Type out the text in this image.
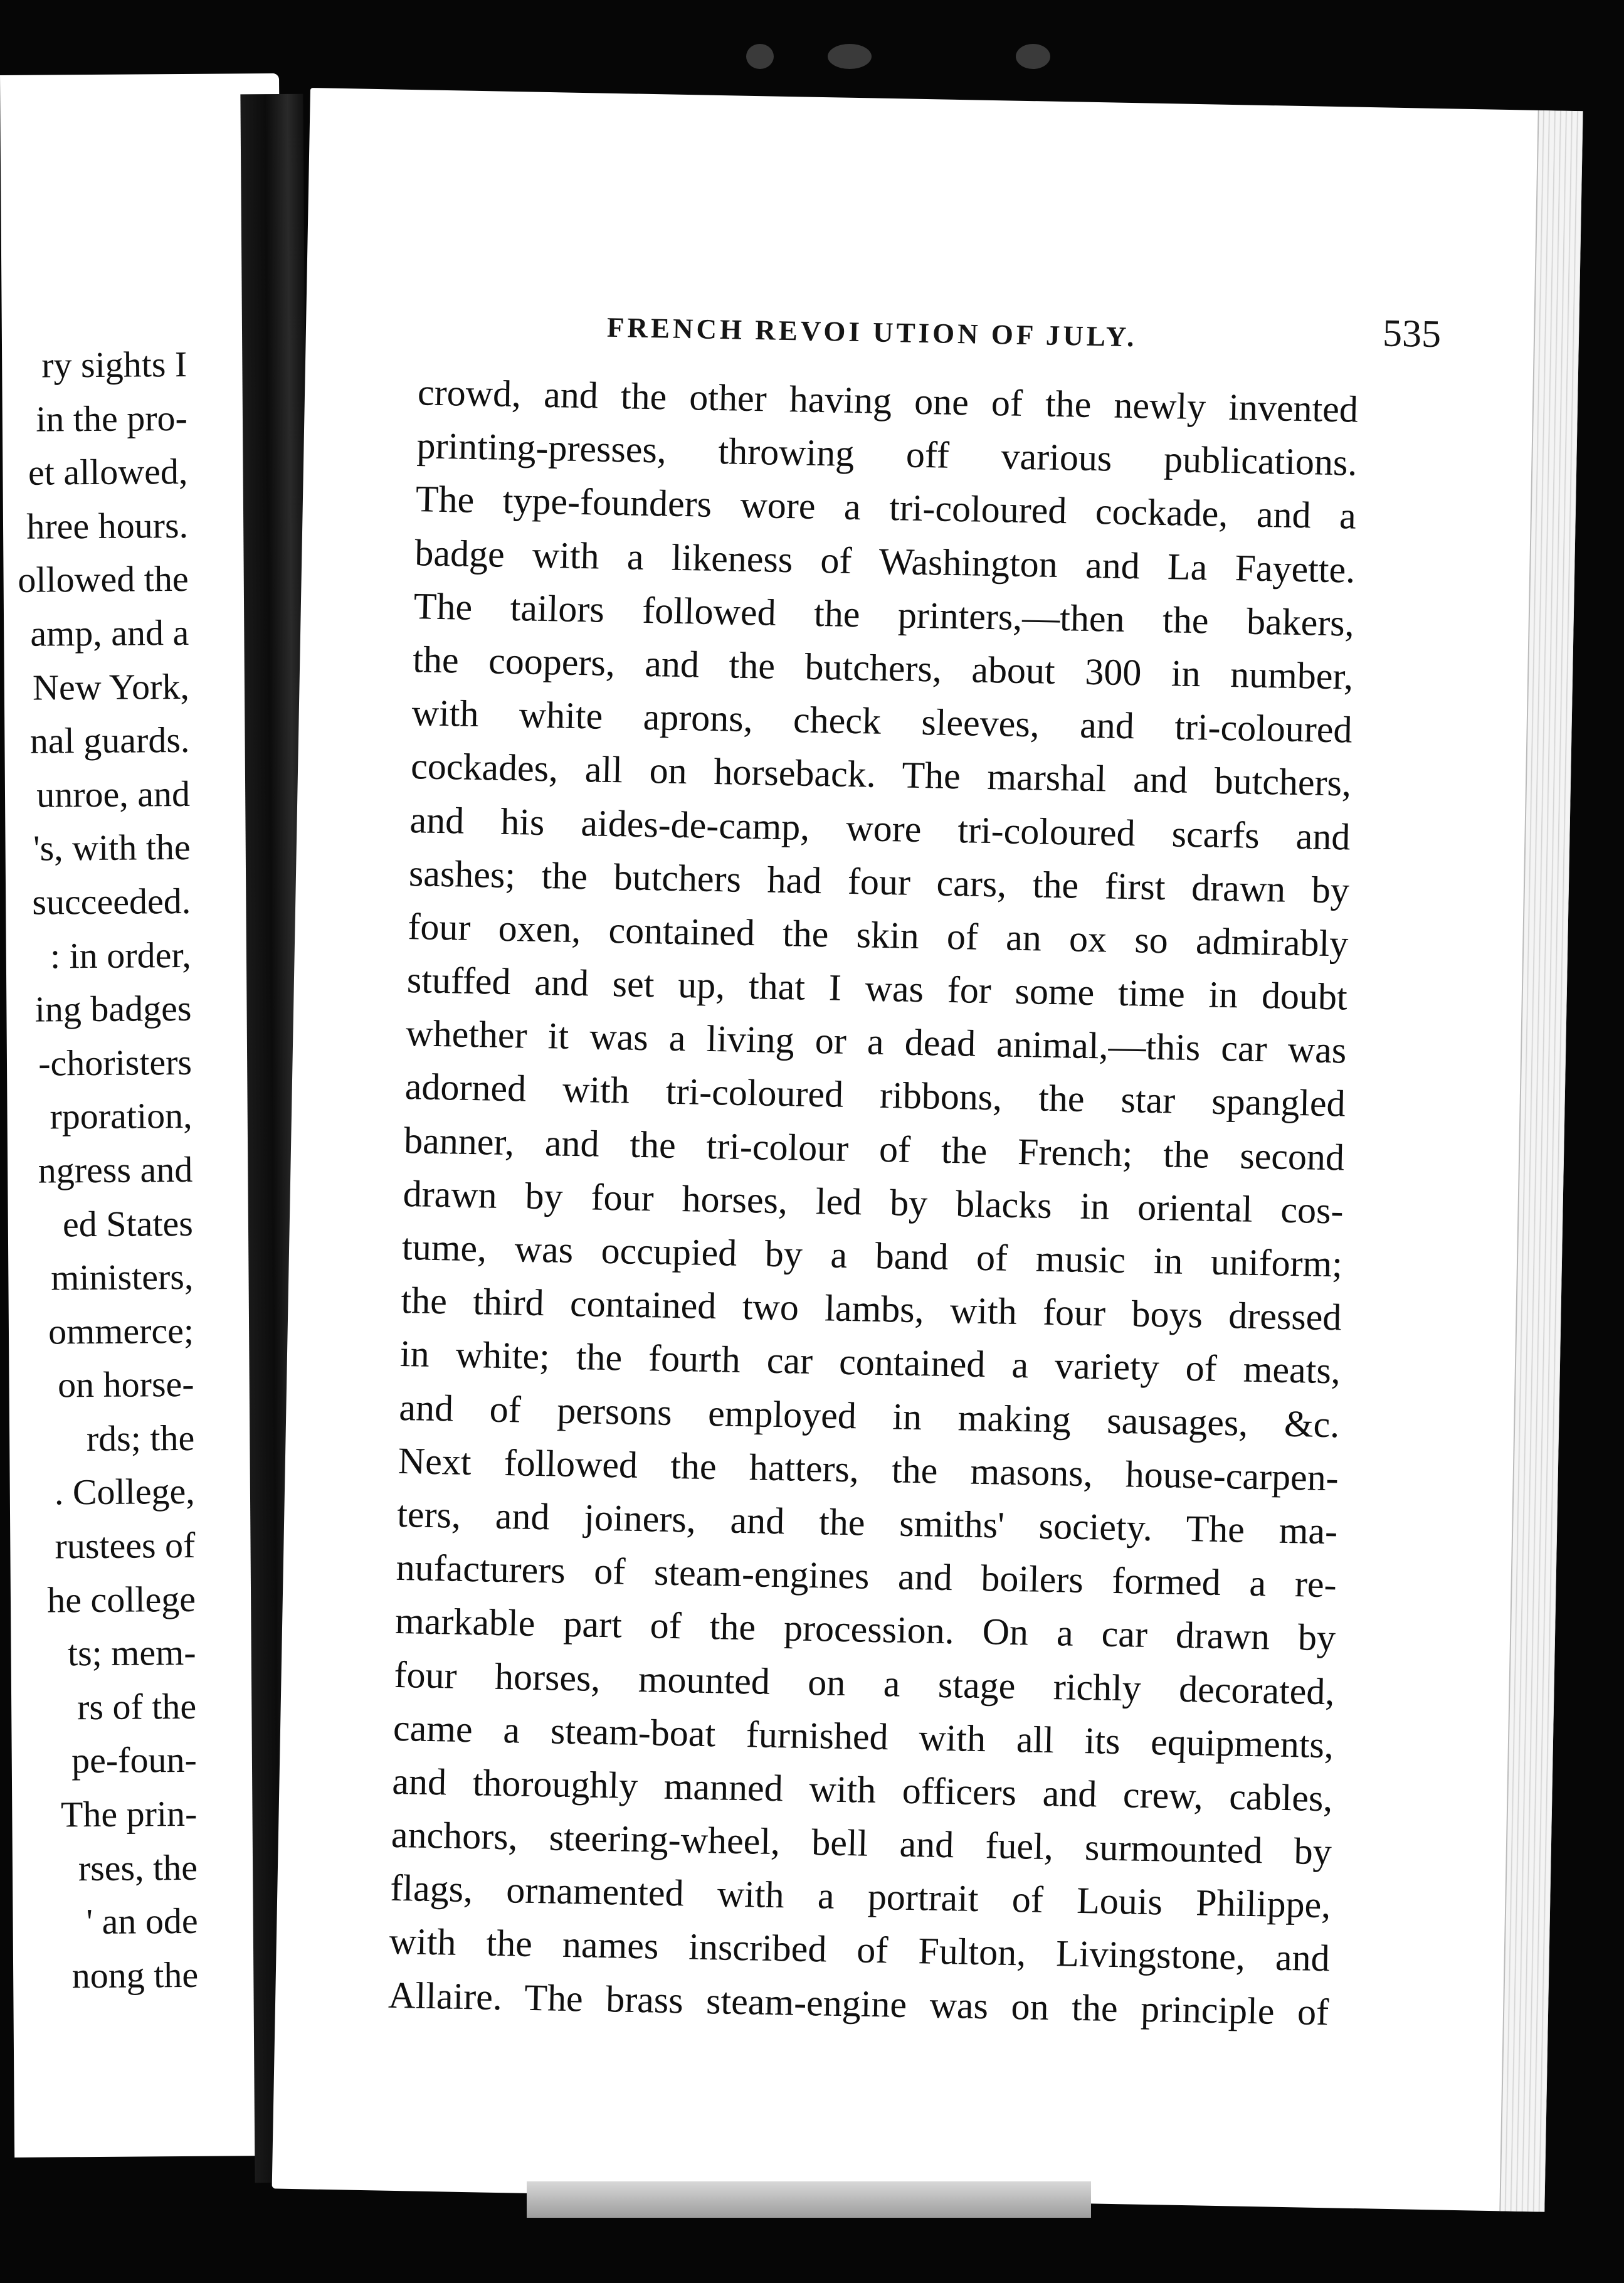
ry sights I
in the pro-
et allowed,
hree hours.
ollowed the
amp, and a
New York,
nal guards.
unroe, and
's, with the
succeeded.
: in order,
ing badges
-choristers
rporation,
ngress and
ed States
ministers,
ommerce;
on horse-
rds; the
. College,
rustees of
he college
ts; mem-
rs of the
pe-foun-
The prin-
rses, the
' an ode
nong the
FRENCH REVOI UTION OF JULY.	535
crowd, and the other having one of the newly invented
printing-presses, throwing off various publications.
The type-founders wore a tri-coloured cockade, and a
badge with a likeness of Washington and La Fayette.
The tailors followed the printers,—then the bakers,
the coopers, and the butchers, about 300 in number,
with white aprons, check sleeves, and tri-coloured
cockades, all on horseback. The marshal and butchers,
and his aides-de-camp, wore tri-coloured scarfs and
sashes; the butchers had four cars, the first drawn by
four oxen, contained the skin of an ox so admirably
stuffed and set up, that I was for some time in doubt
whether it was a living or a dead animal,—this car was
adorned with tri-coloured ribbons, the star spangled
banner, and the tri-colour of the French; the second
drawn by four horses, led by blacks in oriental cos-
tume, was occupied by a band of music in uniform;
the third contained two lambs, with four boys dressed
in white; the fourth car contained a variety of meats,
and of persons employed in making sausages, &c.
Next followed the hatters, the masons, house-carpen-
ters, and joiners, and the smiths' society. The ma-
nufacturers of steam-engines and boilers formed a re-
markable part of the procession. On a car drawn by
four horses, mounted on a stage richly decorated,
came a steam-boat furnished with all its equipments,
and thoroughly manned with officers and crew, cables,
anchors, steering-wheel, bell and fuel, surmounted by
flags, ornamented with a portrait of Louis Philippe,
with the names inscribed of Fulton, Livingstone, and
Allaire. The brass steam-engine was on the principle of
